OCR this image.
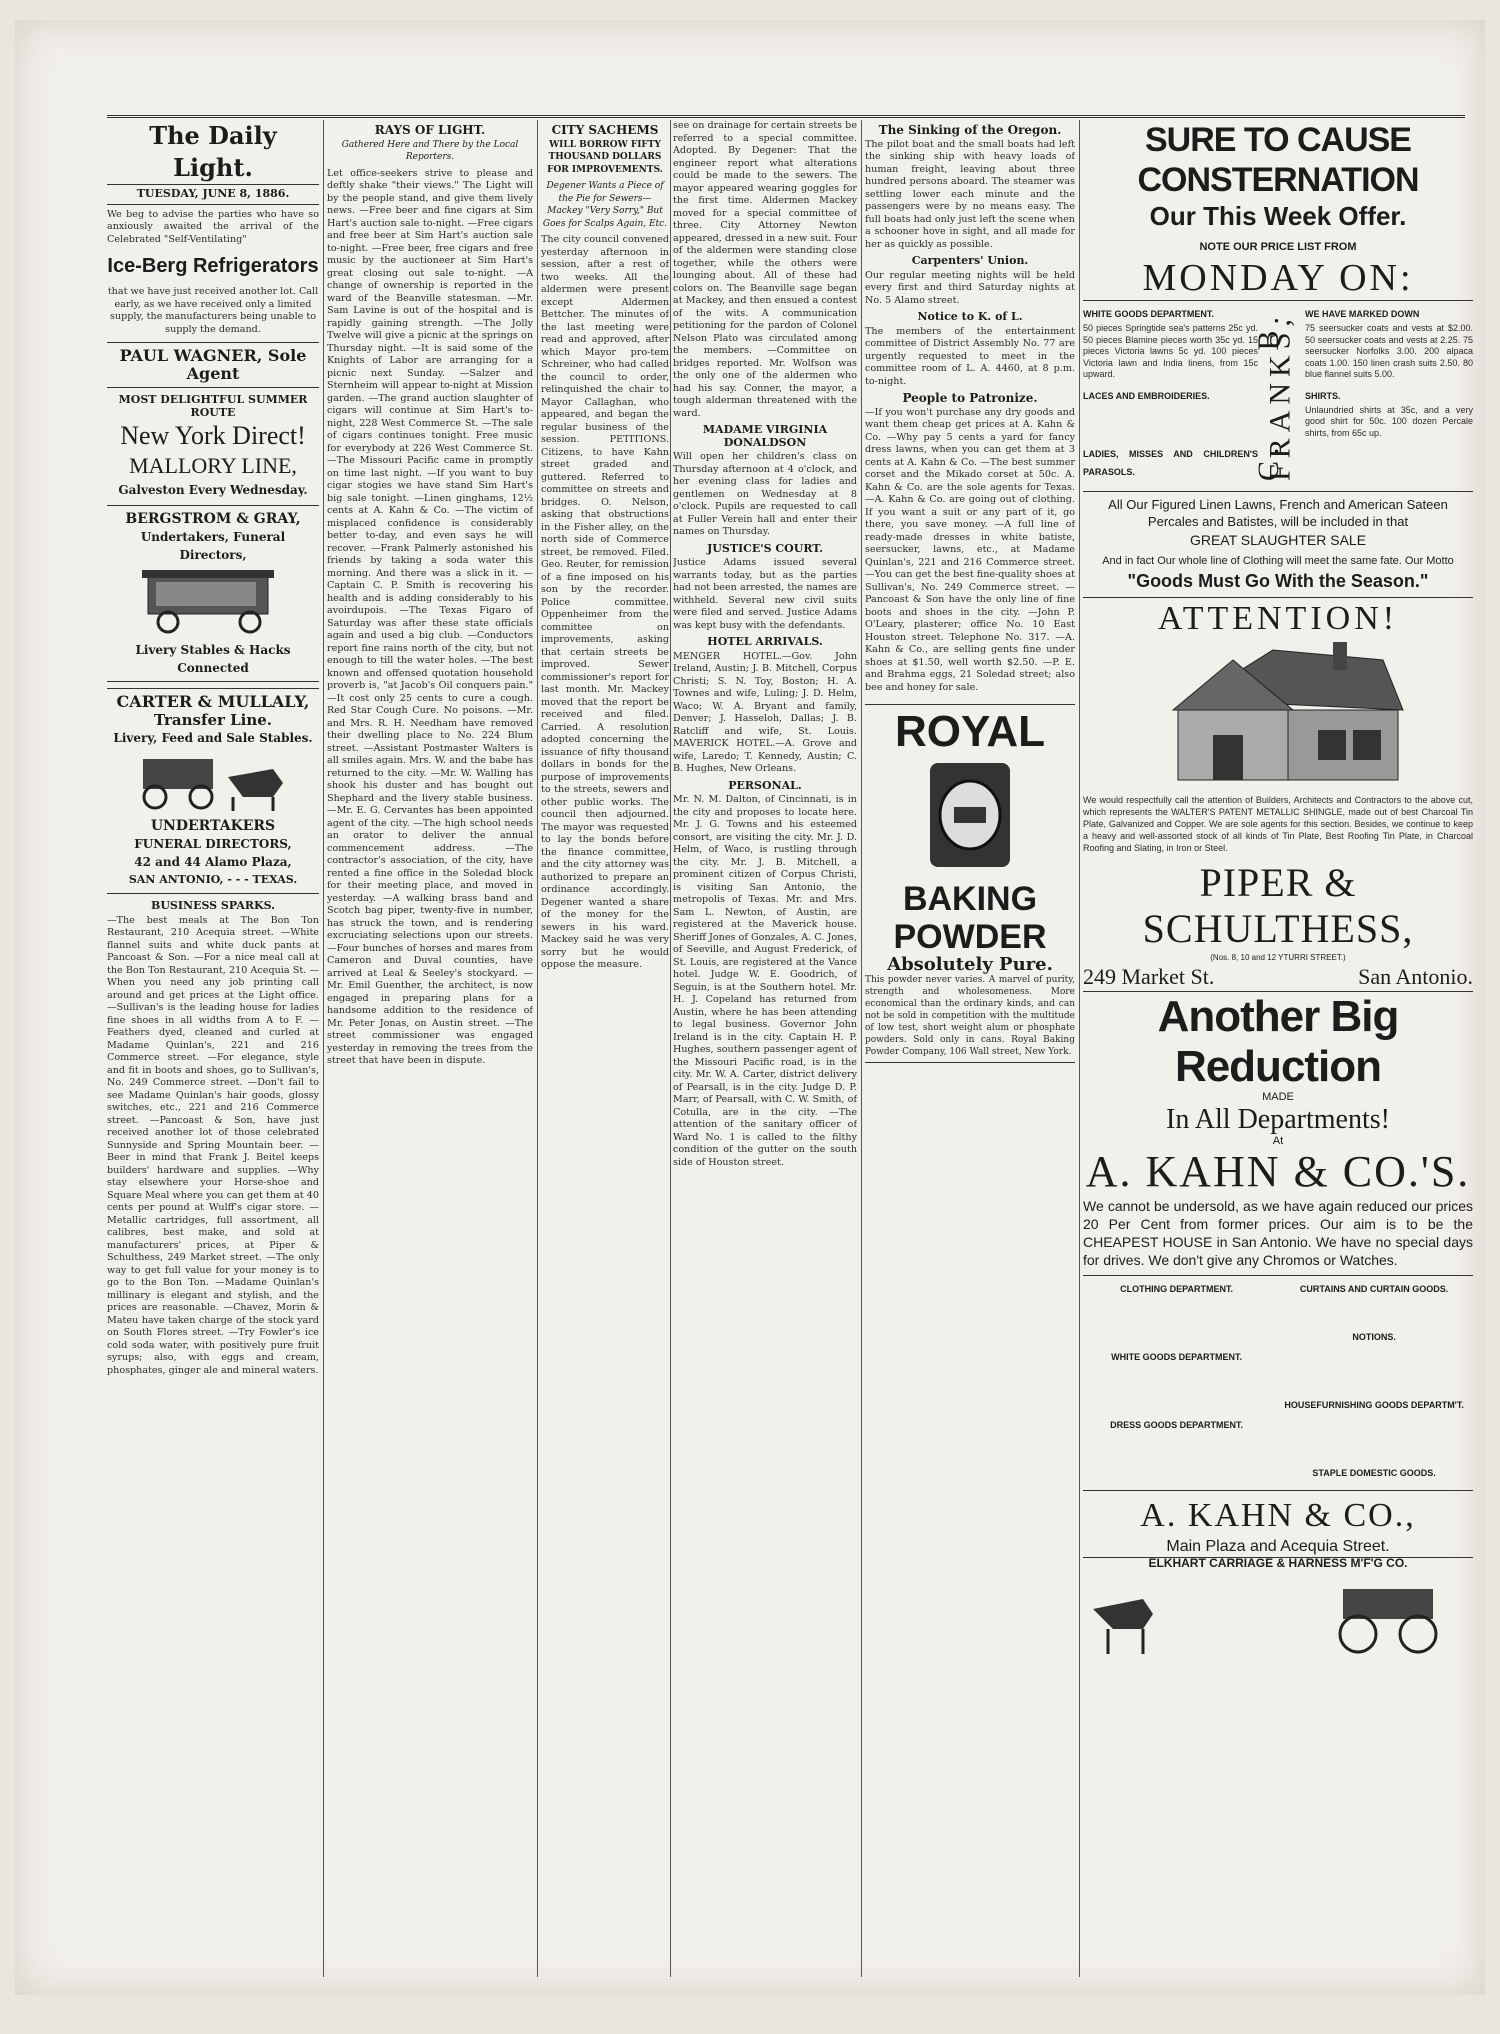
The Daily Light.
TUESDAY, JUNE 8, 1886.
We beg to advise the parties who have so anxiously awaited the arrival of the Celebrated "Self-Ventilating"
Ice-Berg Refrigerators
that we have just received another lot. Call early, as we have received only a limited supply, the manufacturers being unable to supply the demand.
PAUL WAGNER, Sole Agent
MOST DELIGHTFUL SUMMER ROUTE
New York Direct!
MALLORY LINE,
Galveston Every Wednesday.
BERGSTROM & GRAY,
Undertakers, Funeral Directors,
Livery Stables & Hacks Connected
CARTER & MULLALY,
Transfer Line.
Livery, Feed and Sale Stables.
UNDERTAKERS
FUNERAL DIRECTORS,
42 and 44 Alamo Plaza,
SAN ANTONIO, - - - TEXAS.
BUSINESS SPARKS.
—The best meals at The Bon Ton Restaurant, 210 Acequia street. —White flannel suits and white duck pants at Pancoast & Son. —For a nice meal call at the Bon Ton Restaurant, 210 Acequia St. —When you need any job printing call around and get prices at the Light office. —Sullivan's is the leading house for ladies fine shoes in all widths from A to F. —Feathers dyed, cleaned and curled at Madame Quinlan's, 221 and 216 Commerce street. —For elegance, style and fit in boots and shoes, go to Sullivan's, No. 249 Commerce street. —Don't fail to see Madame Quinlan's hair goods, glossy switches, etc., 221 and 216 Commerce street. —Pancoast & Son, have just received another lot of those celebrated Sunnyside and Spring Mountain beer. —Beer in mind that Frank J. Beitel keeps builders' hardware and supplies. —Why stay elsewhere your Horse-shoe and Square Meal where you can get them at 40 cents per pound at Wulff's cigar store. —Metallic cartridges, full assortment, all calibres, best make, and sold at manufacturers' prices, at Piper & Schulthess, 249 Market street. —The only way to get full value for your money is to go to the Bon Ton. —Madame Quinlan's millinary is elegant and stylish, and the prices are reasonable. —Chavez, Morin & Mateu have taken charge of the stock yard on South Flores street. —Try Fowler's ice cold soda water, with positively pure fruit syrups; also, with eggs and cream, phosphates, ginger ale and mineral waters.
RAYS OF LIGHT.
Gathered Here and There by the Local Reporters.
Let office-seekers strive to please and deftly shake "their views." The Light will by the people stand, and give them lively news. —Free beer and fine cigars at Sim Hart's auction sale to-night. —Free cigars and free beer at Sim Hart's auction sale to-night. —Free beer, free cigars and free music by the auctioneer at Sim Hart's great closing out sale to-night. —A change of ownership is reported in the ward of the Beanville statesman. —Mr. Sam Lavine is out of the hospital and is rapidly gaining strength. —The Jolly Twelve will give a picnic at the springs on Thursday night. —It is said some of the Knights of Labor are arranging for a picnic next Sunday. —Salzer and Sternheim will appear to-night at Mission garden. —The grand auction slaughter of cigars will continue at Sim Hart's to-night, 228 West Commerce St. —The sale of cigars continues tonight. Free music for everybody at 226 West Commerce St. —The Missouri Pacific came in promptly on time last night. —If you want to buy cigar stogies we have stand Sim Hart's big sale tonight. —Linen ginghams, 12½ cents at A. Kahn & Co. —The victim of misplaced confidence is considerably better to-day, and even says he will recover. —Frank Palmerly astonished his friends by taking a soda water this morning. And there was a slick in it. —Captain C. P. Smith is recovering his health and is adding considerably to his avoirdupois. —The Texas Figaro of Saturday was after these state officials again and used a big club. —Conductors report fine rains north of the city, but not enough to till the water holes. —The best known and offensed quotation household proverb is, "at Jacob's Oil conquers pain." —It cost only 25 cents to cure a cough. Red Star Cough Cure. No poisons. —Mr. and Mrs. R. H. Needham have removed their dwelling place to No. 224 Blum street. —Assistant Postmaster Walters is all smiles again. Mrs. W. and the babe has returned to the city. —Mr. W. Walling has shook his duster and has bought out Shephard and the livery stable business. —Mr. E. G. Cervantes has been appointed agent of the city. —The high school needs an orator to deliver the annual commencement address. —The contractor's association, of the city, have rented a fine office in the Soledad block for their meeting place, and moved in yesterday. —A walking brass band and Scotch bag piper, twenty-five in number, has struck the town, and is rendering excruciating selections upon our streets. —Four bunches of horses and mares from Cameron and Duval counties, have arrived at Leal & Seeley's stockyard. —Mr. Emil Guenther, the architect, is now engaged in preparing plans for a handsome addition to the residence of Mr. Peter Jonas, on Austin street. —The street commissioner was engaged yesterday in removing the trees from the street that have been in dispute.
CITY SACHEMS
WILL BORROW FIFTY THOUSAND DOLLARS FOR IMPROVEMENTS.
Degener Wants a Piece of the Pie for Sewers—Mackey "Very Sorry," But Goes for Scalps Again, Etc.
The city council convened yesterday afternoon in session, after a rest of two weeks. All the aldermen were present except Aldermen Bettcher. The minutes of the last meeting were read and approved, after which Mayor pro-tem Schreiner, who had called the council to order, relinquished the chair to Mayor Callaghan, who appeared, and began the regular business of the session. PETITIONS. Citizens, to have Kahn street graded and guttered. Referred to committee on streets and bridges. O. Nelson, asking that obstructions in the Fisher alley, on the north side of Commerce street, be removed. Filed. Geo. Reuter, for remission of a fine imposed on his son by the recorder. Police committee. Oppenheimer from the committee on improvements, asking that certain streets be improved. Sewer commissioner's report for last month. Mr. Mackey moved that the report be received and filed. Carried. A resolution adopted concerning the issuance of fifty thousand dollars in bonds for the purpose of improvements to the streets, sewers and other public works. The council then adjourned. The mayor was requested to lay the bonds before the finance committee, and the city attorney was authorized to prepare an ordinance accordingly. Degener wanted a share of the money for the sewers in his ward. Mackey said he was very sorry but he would oppose the measure.
see on drainage for certain streets be referred to a special committee. Adopted. By Degener: That the engineer report what alterations could be made to the sewers. The mayor appeared wearing goggles for the first time. Aldermen Mackey moved for a special committee of three. City Attorney Newton appeared, dressed in a new suit. Four of the aldermen were standing close together, while the others were lounging about. All of these had colors on. The Beanville sage began at Mackey, and then ensued a contest of the wits. A communication petitioning for the pardon of Colonel Nelson Plato was circulated among the members. —Committee on bridges reported. Mr. Wolfson was the only one of the aldermen who had his say. Conner, the mayor, a tough alderman threatened with the ward.
MADAME VIRGINIA DONALDSON
Will open her children's class on Thursday afternoon at 4 o'clock, and her evening class for ladies and gentlemen on Wednesday at 8 o'clock. Pupils are requested to call at Fuller Verein hall and enter their names on Thursday.
JUSTICE'S COURT.
Justice Adams issued several warrants today, but as the parties had not been arrested, the names are withheld. Several new civil suits were filed and served. Justice Adams was kept busy with the defendants.
HOTEL ARRIVALS.
MENGER HOTEL.—Gov. John Ireland, Austin; J. B. Mitchell, Corpus Christi; S. N. Toy, Boston; H. A. Townes and wife, Luling; J. D. Helm, Waco; W. A. Bryant and family, Denver; J. Hasseloh, Dallas; J. B. Ratcliff and wife, St. Louis. MAVERICK HOTEL.—A. Grove and wife, Laredo; T. Kennedy, Austin; C. B. Hughes, New Orleans.
PERSONAL.
Mr. N. M. Dalton, of Cincinnati, is in the city and proposes to locate here. Mr. J. G. Towns and his esteemed consort, are visiting the city. Mr. J. D. Helm, of Waco, is rustling through the city. Mr. J. B. Mitchell, a prominent citizen of Corpus Christi, is visiting San Antonio, the metropolis of Texas. Mr. and Mrs. Sam L. Newton, of Austin, are registered at the Maverick house. Sheriff Jones of Gonzales, A. C. Jones, of Seeville, and August Frederick, of St. Louis, are registered at the Vance hotel. Judge W. E. Goodrich, of Seguin, is at the Southern hotel. Mr. H. J. Copeland has returned from Austin, where he has been attending to legal business. Governor John Ireland is in the city. Captain H. P. Hughes, southern passenger agent of the Missouri Pacific road, is in the city. Mr. W. A. Carter, district delivery of Pearsall, is in the city. Judge D. P. Marr, of Pearsall, with C. W. Smith, of Cotulla, are in the city. —The attention of the sanitary officer of Ward No. 1 is called to the filthy condition of the gutter on the south side of Houston street.
The Sinking of the Oregon.
The pilot boat and the small boats had left the sinking ship with heavy loads of human freight, leaving about three hundred persons aboard. The steamer was settling lower each minute and the passengers were by no means easy. The full boats had only just left the scene when a schooner hove in sight, and all made for her as quickly as possible.
Carpenters' Union.
Our regular meeting nights will be held every first and third Saturday nights at No. 5 Alamo street.
Notice to K. of L.
The members of the entertainment committee of District Assembly No. 77 are urgently requested to meet in the committee room of L. A. 4460, at 8 p.m. to-night.
People to Patronize.
—If you won't purchase any dry goods and want them cheap get prices at A. Kahn & Co. —Why pay 5 cents a yard for fancy dress lawns, when you can get them at 3 cents at A. Kahn & Co. —The best summer corset and the Mikado corset at 50c. A. Kahn & Co. are the sole agents for Texas. —A. Kahn & Co. are going out of clothing. If you want a suit or any part of it, go there, you save money. —A full line of ready-made dresses in white batiste, seersucker, lawns, etc., at Madame Quinlan's, 221 and 216 Commerce street. —You can get the best fine-quality shoes at Sullivan's, No. 249 Commerce street. —Pancoast & Son have the only line of fine boots and shoes in the city. —John P. O'Leary, plasterer; office No. 10 East Houston street. Telephone No. 317. —A. Kahn & Co., are selling gents fine under shoes at $1.50, well worth $2.50. —P. E. and Brahma eggs, 21 Soledad street; also bee and honey for sale.
ROYAL
BAKING POWDER
Absolutely Pure.
This powder never varies. A marvel of purity, strength and wholesomeness. More economical than the ordinary kinds, and can not be sold in competition with the multitude of low test, short weight alum or phosphate powders. Sold only in cans. Royal Baking Powder Company, 106 Wall street, New York.
SURE TO CAUSE CONSTERNATION
Our This Week Offer.
NOTE OUR PRICE LIST FROM
MONDAY ON:
WHITE GOODS DEPARTMENT.
50 pieces Springtide sea's patterns 25c yd. 50 pieces Blamine pieces worth 35c yd. 15 pieces Victoria lawns 5c yd. 100 pieces Victoria lawn and India linens, from 15c upward.
LACES AND EMBROIDERIES.
LADIES, MISSES AND CHILDREN'S PARASOLS.	C. B. FRANKS, WE HAVE MARKED DOWN
75 seersucker coats and vests at $2.00. 50 seersucker coats and vests at 2.25. 75 seersucker Norfolks 3.00. 200 alpaca coats 1.00. 150 linen crash suits 2.50. 80 blue flannel suits 5.00.
SHIRTS.
Unlaundried shirts at 35c, and a very good shirt for 50c. 100 dozen Percale shirts, from 65c up.
All Our Figured Linen Lawns, French and American Sateen Percales and Batistes, will be included in that
GREAT SLAUGHTER SALE
And in fact Our whole line of Clothing will meet the same fate. Our Motto
"Goods Must Go With the Season."
ATTENTION!
We would respectfully call the attention of Builders, Architects and Contractors to the above cut, which represents the WALTER'S PATENT METALLIC SHINGLE, made out of best Charcoal Tin Plate, Galvanized and Copper. We are sole agents for this section. Besides, we continue to keep a heavy and well-assorted stock of all kinds of Tin Plate, Best Roofing Tin Plate, in Charcoal Roofing and Slating, in Iron or Steel.
PIPER & SCHULTHESS,
(Nos. 8, 10 and 12 YTURRI STREET.)
249 Market St.	San Antonio.
Another Big Reduction
MADE
In All Departments!
At
A. KAHN & CO.'S.
We cannot be undersold, as we have again reduced our prices 20 Per Cent from former prices. Our aim is to be the CHEAPEST HOUSE in San Antonio. We have no special days for drives. We don't give any Chromos or Watches.
CLOTHING DEPARTMENT.
WHITE GOODS DEPARTMENT.
DRESS GOODS DEPARTMENT.

CURTAINS AND CURTAIN GOODS.
NOTIONS.
HOUSEFURNISHING GOODS DEPARTM'T.
STAPLE DOMESTIC GOODS.
A. KAHN & CO.,
Main Plaza and Acequia Street.
ELKHART CARRIAGE & HARNESS M'F'G CO.
